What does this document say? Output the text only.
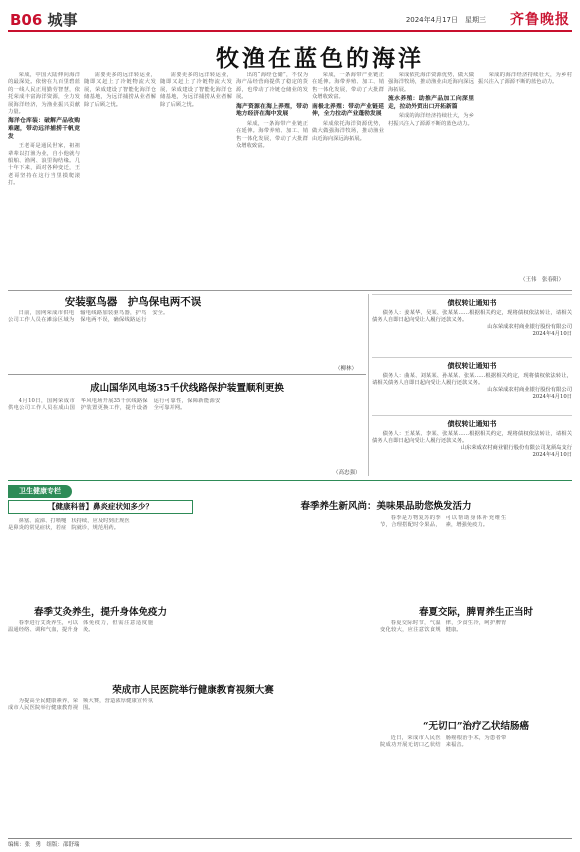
B06 城事	2024年4月17日　 星期三 齐鲁晚报
牧渔在蓝色的海洋

荣成，中国大陆伸向海洋的最深处。依傍在九百里碧蓝的一线人民正用勤劳智慧，依托荣成丰富海洋资源，全力发展海洋经济，为渔业振兴贡献力量。

海洋仓库装：破解产品收购难题，带动远洋捕捞千帆竞发

王老哥是通民世家，祖祖辈辈以打渔为业，自小他就与船舶、渔网、浪里淘结缘。几十年下来，面对各种变迁，王老哥坚持在这行当里摸爬滚打。

需要更多的远洋转运业，随即又赶上了冷链物流大发展，荣成建设了智能化海洋仓储基地，为远洋捕捞从业者解除了后顾之忧。

需要更多的远洋转运业，随即又赶上了冷链物流大发展，荣成建设了智能化海洋仓储基地，为远洋捕捞从业者解除了后顾之忧。

出的“海经仓储”，不仅为海产品经营商提供了稳定的货源，也带动了冷链仓储业的发展。

海产资源在海上养殖，带动地方经济在海中发展

荣成，一条海带产业链正在延伸。海带养殖、加工、销售一体化发展，带动了大批群众增收致富。

荣成，一条海带产业链正在延伸。海带养殖、加工、销售一体化发展，带动了大批群众增收致富。

南极北养殖：带动产业链延伸，全力拉动产业蓬勃发展

荣成依托海洋资源优势，做大做强海洋牧场，推动渔业由近海向深远海拓展。

荣成依托海洋资源优势，做大做强海洋牧场，推动渔业由近海向深远海拓展。

流水养殖：助推产品加工向深里走，拉动外贸出口开拓新篇

荣成的海洋经济持续壮大，为乡村振兴注入了源源不断的蓝色动力。

荣成的海洋经济持续壮大，为乡村振兴注入了源源不断的蓝色动力。

（王伟　张春阳）
安装驱鸟器　护鸟保电两不误

日前，国网荣成市供电公司工作人员在滩涂区域为输电线路加装驱鸟器，护鸟保电两不误，确保线路运行安全。

（柳林）
成山国华风电场35千伏线路保护装置顺利更换

4月10日，国网荣成市供电公司工作人员在成山国华风电场开展35千伏线路保护装置更换工作，提升设备运行可靠性，保障新能源安全可靠并网。

（高忠强）
债权转让通知书
债务人：姜某华、吴某、张某某……根据相关约定，现将债权依法转让，请相关债务人自即日起向受让人履行还款义务。
山东荣成农村商业银行股份有限公司
2024年4月10日
债权转让通知书
债务人：曲某、刘某某、孙某某、张某……根据相关约定，现将债权依法转让，请相关债务人自即日起向受让人履行还款义务。
山东荣成农村商业银行股份有限公司
2024年4月10日
债权转让通知书
债务人：王某某、李某、张某某……根据相关约定，现将债权依法转让，请相关债务人自即日起向受让人履行还款义务。
山东荣成农村商业银行股份有限公司龙须岛支行
2024年4月10日
卫生健康专栏
【健康科普】鼻炎症状知多少？

鼻塞、流涕、打喷嚏是鼻炎的常见症状，若症状持续，应及时到正规医院就诊，规范用药。

春季养生新风尚：美味果品助您焕发活力

春季是万物复苏的季节，合理搭配时令果品，可以帮助身体补充维生素，增强免疫力。

春季艾灸养生，提升身体免疫力

春季进行艾灸养生，可以温通经络、调和气血，提升身体免疫力，但需注意适度施灸。

春夏交际，脾胃养生正当时

春夏交际时节，气温变化较大，应注意饮食规律，少食生冷，呵护脾胃健康。

荣成市人民医院举行健康教育视频大赛

为提高全民健康素养，荣成市人民医院举行健康教育视频大赛，营造浓厚健康宣传氛围。

“无切口”治疗乙状结肠癌

近日，荣成市人民医院成功开展无切口乙状结肠癌根治手术，为患者带来福音。

编辑：张　勇　组版：邵舒瑞
